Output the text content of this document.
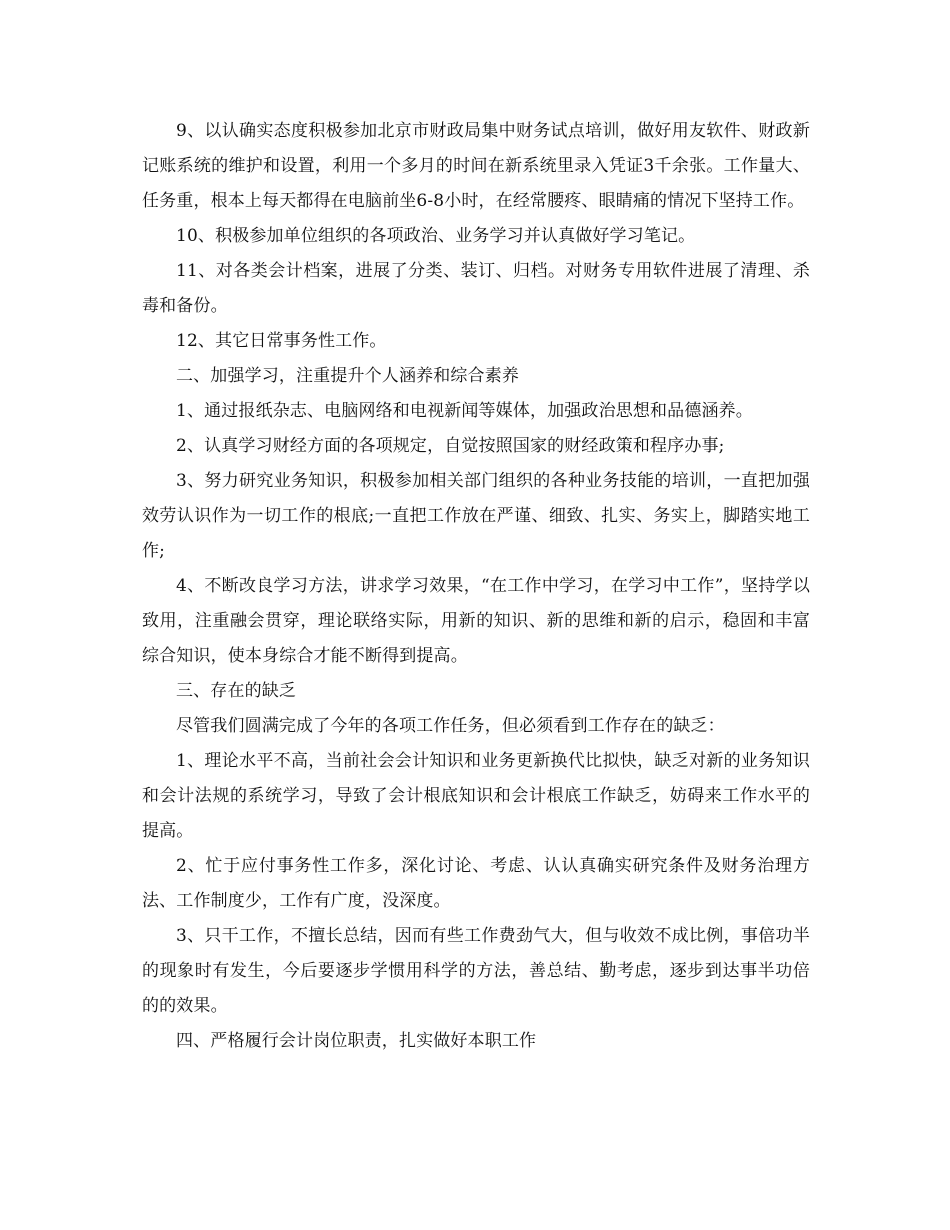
9、以认确实态度积极参加北京市财政局集中财务试点培训，做好用友软件、财政新记账系统的维护和设置，利用一个多月的时间在新系统里录入凭证3千余张。工作量大、任务重，根本上每天都得在电脑前坐6-8小时，在经常腰疼、眼睛痛的情况下坚持工作。

10、积极参加单位组织的各项政治、业务学习并认真做好学习笔记。

11、对各类会计档案，进展了分类、装订、归档。对财务专用软件进展了清理、杀毒和备份。

12、其它日常事务性工作。

二、加强学习，注重提升个人涵养和综合素养

1、通过报纸杂志、电脑网络和电视新闻等媒体，加强政治思想和品德涵养。

2、认真学习财经方面的各项规定，自觉按照国家的财经政策和程序办事;

3、努力研究业务知识，积极参加相关部门组织的各种业务技能的培训，一直把加强效劳认识作为一切工作的根底;一直把工作放在严谨、细致、扎实、务实上，脚踏实地工作;

4、不断改良学习方法，讲求学习效果，“在工作中学习，在学习中工作”，坚持学以致用，注重融会贯穿，理论联络实际，用新的知识、新的思维和新的启示，稳固和丰富综合知识，使本身综合才能不断得到提高。

三、存在的缺乏

尽管我们圆满完成了今年的各项工作任务，但必须看到工作存在的缺乏：

1、理论水平不高，当前社会会计知识和业务更新换代比拟快，缺乏对新的业务知识和会计法规的系统学习，导致了会计根底知识和会计根底工作缺乏，妨碍来工作水平的提高。

2、忙于应付事务性工作多，深化讨论、考虑、认认真确实研究条件及财务治理方法、工作制度少，工作有广度，没深度。

3、只干工作，不擅长总结，因而有些工作费劲气大，但与收效不成比例，事倍功半的现象时有发生，今后要逐步学惯用科学的方法，善总结、勤考虑，逐步到达事半功倍的的效果。

四、严格履行会计岗位职责，扎实做好本职工作
